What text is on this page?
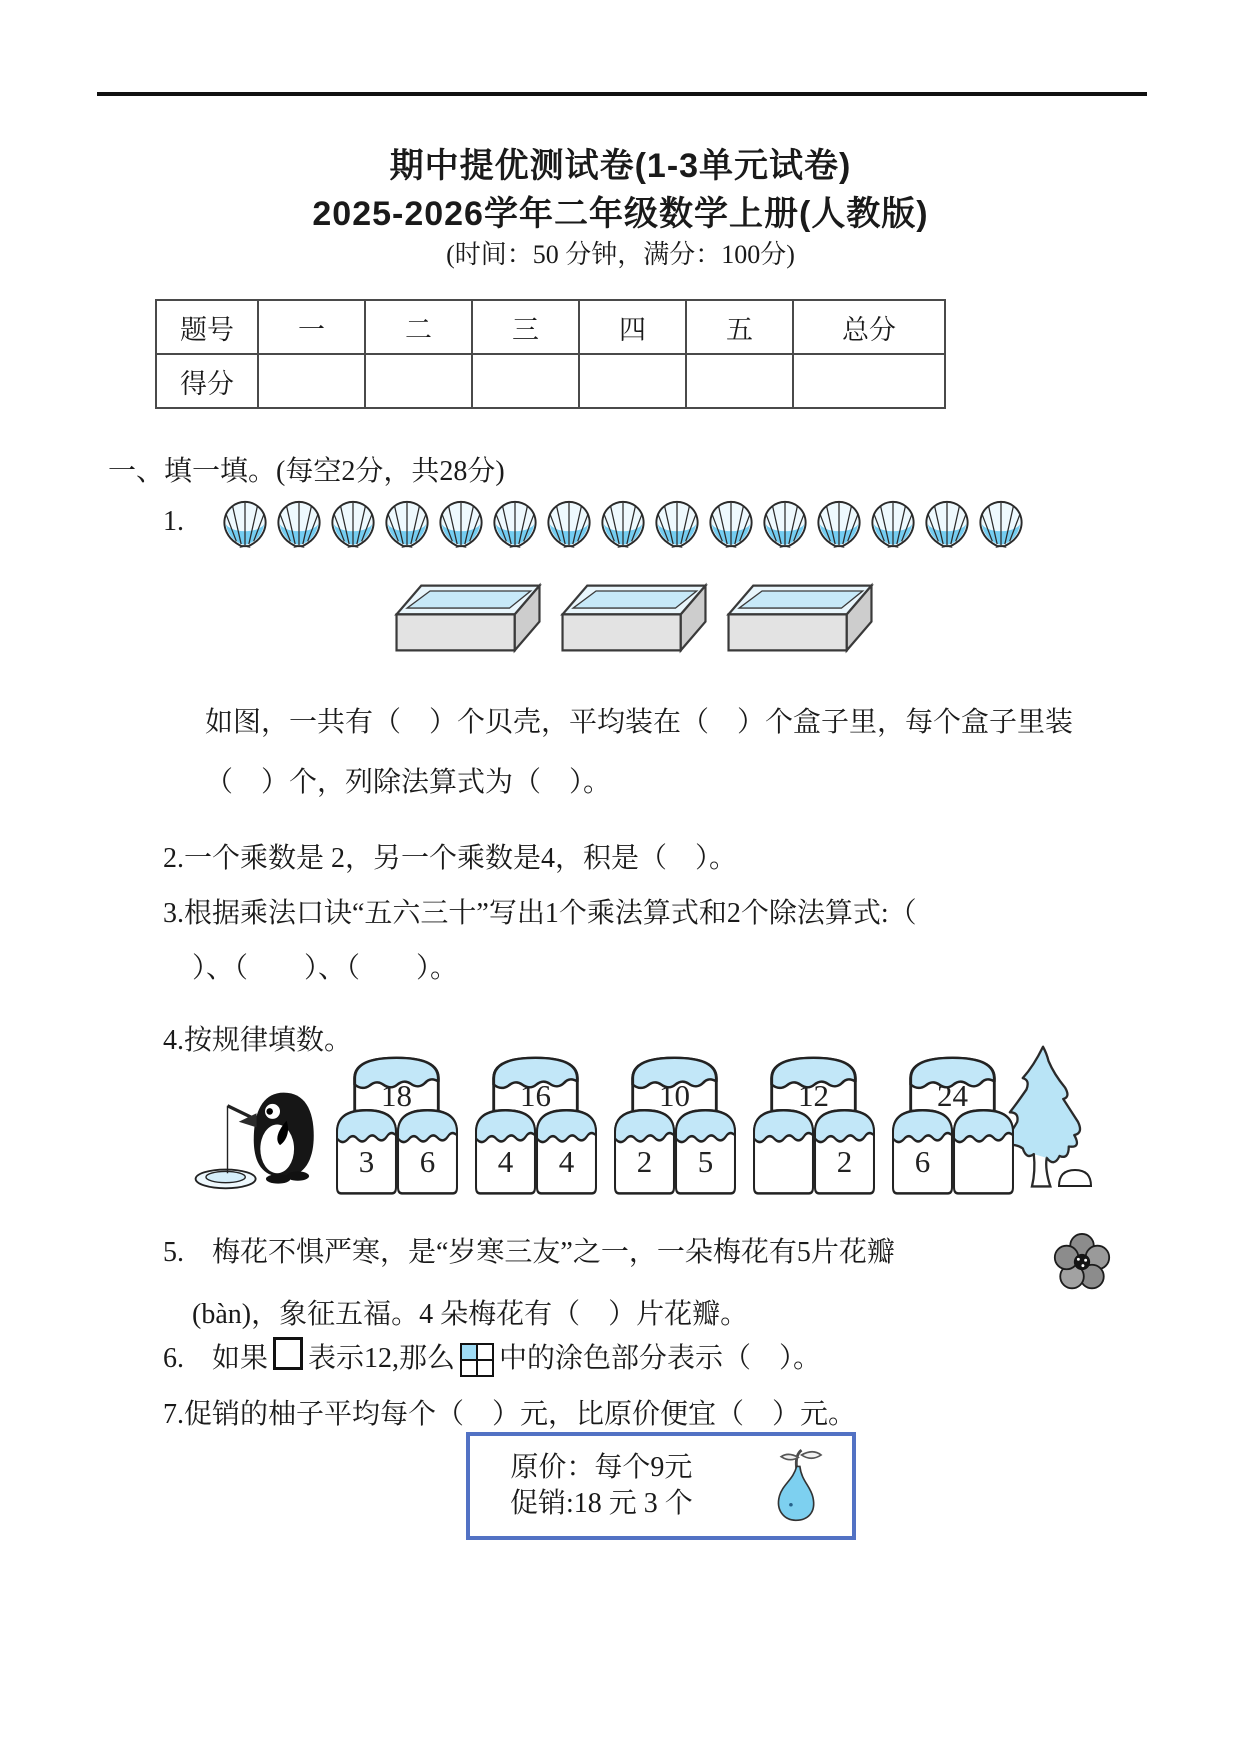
期中提优测试卷(1-3单元试卷)
2025-2026学年二年级数学上册(人教版)
(时间：50 分钟，满分：100分)
题号	一	二	三	四	五	总分
得分						
一、填一填。(每空2分，共28分)
1.
如图，一共有（　）个贝壳，平均装在（　）个盒子里，每个盒子里装
（　）个，列除法算式为（　）。
2.一个乘数是 2，另一个乘数是4，积是（　）。
3.根据乘法口诀“五六三十”写出1个乘法算式和2个除法算式:（
）、（　　）、（　　）。
4.按规律填数。
18
3	6
16
4	4
10
2	5
12
2
24
6
5.　梅花不惧严寒，是“岁寒三友”之一，一朵梅花有5片花瓣
(bàn)，象征五福。4 朵梅花有（　）片花瓣。
6.　如果 表示12,那么 中的涂色部分表示（　）。
7.促销的柚子平均每个（　）元，比原价便宜（　）元。
原价：每个9元
促销:18 元 3 个
